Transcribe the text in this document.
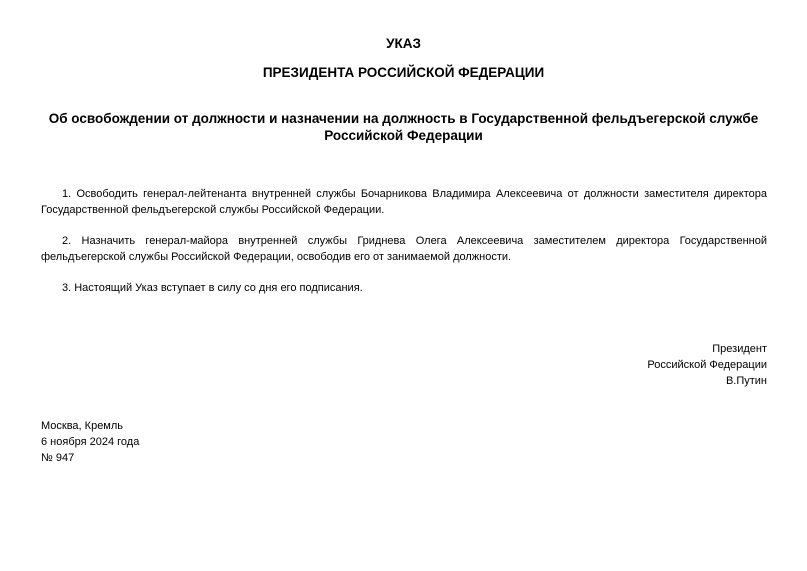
УКАЗ
ПРЕЗИДЕНТА РОССИЙСКОЙ ФЕДЕРАЦИИ
Об освобождении от должности и назначении на должность в Государственной фельдъегерской службе Российской Федерации
1. Освободить генерал-лейтенанта внутренней службы Бочарникова Владимира Алексеевича от должности заместителя директора Государственной фельдъегерской службы Российской Федерации.
2. Назначить генерал-майора внутренней службы Гриднева Олега Алексеевича заместителем директора Государственной фельдъегерской службы Российской Федерации, освободив его от занимаемой должности.
3. Настоящий Указ вступает в силу со дня его подписания.
Президент
Российской Федерации
В.Путин
Москва, Кремль
6 ноября 2024 года
№ 947
